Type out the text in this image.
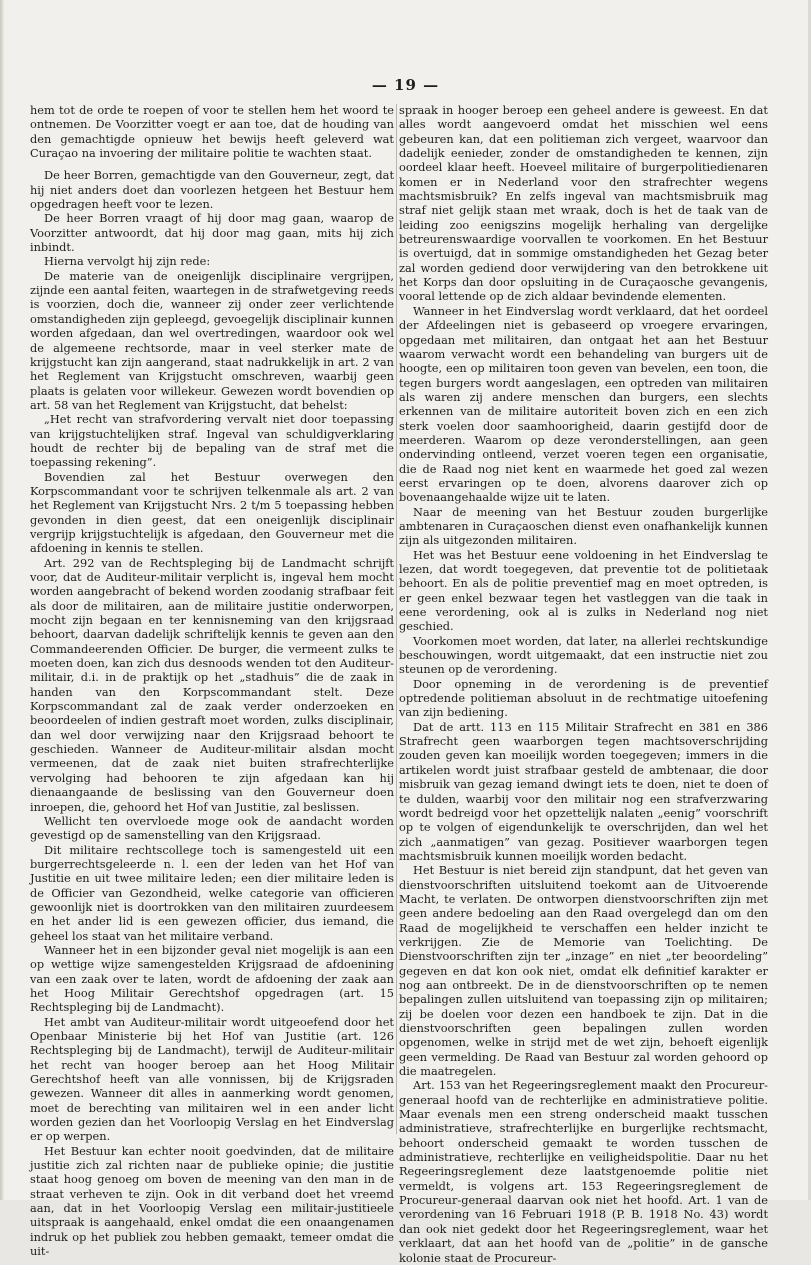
— 19 —

hem tot de orde te roepen of voor te stellen hem het woord te ontnemen. De Voorzitter voegt er aan toe, dat de houding van den gemachtigde opnieuw het bewijs heeft geleverd wat Curaçao na invoering der militaire politie te wachten staat.

De heer Borren, gemachtigde van den Gouverneur, zegt, dat hij niet anders doet dan voorlezen hetgeen het Bestuur hem opgedragen heeft voor te lezen.

De heer Borren vraagt of hij door mag gaan, waarop de Voorzitter antwoordt, dat hij door mag gaan, mits hij zich inbindt.

Hierna vervolgt hij zijn rede:

De materie van de oneigenlijk disciplinaire vergrijpen, zijnde een aantal feiten, waartegen in de strafwetgeving reeds is voorzien, doch die, wanneer zij onder zeer verlichtende omstandigheden zijn gepleegd, gevoegelijk disciplinair kunnen worden afgedaan, dan wel overtredingen, waardoor ook wel de algemeene rechtsorde, maar in veel sterker mate de krijgstucht kan zijn aangerand, staat nadrukkelijk in art. 2 van het Reglement van Krijgstucht omschreven, waarbij geen plaats is gelaten voor willekeur. Gewezen wordt bovendien op art. 58 van het Reglement van Krijgstucht, dat behelst:

„Het recht van strafvordering vervalt niet door toepassing van krijgstuchtelijken straf. Ingeval van schuldigverklaring houdt de rechter bij de bepaling van de straf met die toepassing rekening”.

Bovendien zal het Bestuur overwegen den Korpscommandant voor te schrijven telkenmale als art. 2 van het Reglement van Krijgstucht Nrs. 2 t/m 5 toepassing hebben gevonden in dien geest, dat een oneigenlijk disciplinair vergrijp krijgstuchtelijk is afgedaan, den Gouverneur met die afdoening in kennis te stellen.

Art. 292 van de Rechtspleging bij de Landmacht schrijft voor, dat de Auditeur-militair verplicht is, ingeval hem mocht worden aangebracht of bekend worden zoodanig strafbaar feit als door de militairen, aan de militaire justitie onderworpen, mocht zijn begaan en ter kennisneming van den krijgsraad behoort, daarvan dadelijk schriftelijk kennis te geven aan den Commandeerenden Officier. De burger, die vermeent zulks te moeten doen, kan zich dus desnoods wenden tot den Auditeur-militair, d.i. in de praktijk op het „stadhuis” die de zaak in handen van den Korpscommandant stelt. Deze Korpscommandant zal de zaak verder onderzoeken en beoordeelen of indien gestraft moet worden, zulks disciplinair, dan wel door verwijzing naar den Krijgsraad behoort te geschieden. Wanneer de Auditeur-militair alsdan mocht vermeenen, dat de zaak niet buiten strafrechterlijke vervolging had behooren te zijn afgedaan kan hij dienaangaande de beslissing van den Gouverneur doen inroepen, die, gehoord het Hof van Justitie, zal beslissen.

Wellicht ten overvloede moge ook de aandacht worden gevestigd op de samenstelling van den Krijgsraad.

Dit militaire rechtscollege toch is samengesteld uit een burgerrechtsgeleerde n. l. een der leden van het Hof van Justitie en uit twee militaire leden; een dier militaire leden is de Officier van Gezondheid, welke categorie van officieren gewoonlijk niet is doortrokken van den militairen zuurdeesem en het ander lid is een gewezen officier, dus iemand, die geheel los staat van het militaire verband.

Wanneer het in een bijzonder geval niet mogelijk is aan een op wettige wijze samengestelden Krijgsraad de afdoenining van een zaak over te laten, wordt de afdoening der zaak aan het Hoog Militair Gerechtshof opgedragen (art. 15 Rechtspleging bij de Landmacht).

Het ambt van Auditeur-militair wordt uitgeoefend door het Openbaar Ministerie bij het Hof van Justitie (art. 126 Rechtspleging bij de Landmacht), terwijl de Auditeur-militair het recht van hooger beroep aan het Hoog Militair Gerechtshof heeft van alle vonnissen, bij de Krijgsraden gewezen. Wanneer dit alles in aanmerking wordt genomen, moet de berechting van militairen wel in een ander licht worden gezien dan het Voorloopig Verslag en het Eindverslag er op werpen.

Het Bestuur kan echter nooit goedvinden, dat de militaire justitie zich zal richten naar de publieke opinie; die justitie staat hoog genoeg om boven de meening van den man in de straat verheven te zijn. Ook in dit verband doet het vreemd aan, dat in het Voorloopig Verslag een militair-justitieele uitspraak is aangehaald, enkel omdat die een onaangenamen indruk op het publiek zou hebben gemaakt, temeer omdat die uit-

spraak in hooger beroep een geheel andere is geweest. En dat alles wordt aangevoerd omdat het misschien wel eens gebeuren kan, dat een politieman zich vergeet, waarvoor dan dadelijk eenieder, zonder de omstandigheden te kennen, zijn oordeel klaar heeft. Hoeveel militaire of burgerpolitiedienaren komen er in Nederland voor den strafrechter wegens machtsmisbruik? En zelfs ingeval van machtsmisbruik mag straf niet gelijk staan met wraak, doch is het de taak van de leiding zoo eenigszins mogelijk herhaling van dergelijke betreurenswaardige voorvallen te voorkomen. En het Bestuur is overtuigd, dat in sommige omstandigheden het Gezag beter zal worden gediend door verwijdering van den betrokkene uit het Korps dan door opsluiting in de Curaçaosche gevangenis, vooral lettende op de zich aldaar bevindende elementen.

Wanneer in het Eindverslag wordt verklaard, dat het oordeel der Afdeelingen niet is gebaseerd op vroegere ervaringen, opgedaan met militairen, dan ontgaat het aan het Bestuur waarom verwacht wordt een behandeling van burgers uit de hoogte, een op militairen toon geven van bevelen, een toon, die tegen burgers wordt aangeslagen, een optreden van militairen als waren zij andere menschen dan burgers, een slechts erkennen van de militaire autoriteit boven zich en een zich sterk voelen door saamhoorigheid, daarin gestijfd door de meerderen. Waarom op deze veronderstellingen, aan geen ondervinding ontleend, verzet voeren tegen een organisatie, die de Raad nog niet kent en waarmede het goed zal wezen eerst ervaringen op te doen, alvorens daarover zich op bovenaangehaalde wijze uit te laten.

Naar de meening van het Bestuur zouden burgerlijke ambtenaren in Curaçaoschen dienst even onafhankelijk kunnen zijn als uitgezonden militairen.

Het was het Bestuur eene voldoening in het Eindverslag te lezen, dat wordt toegegeven, dat preventie tot de politietaak behoort. En als de politie preventief mag en moet optreden, is er geen enkel bezwaar tegen het vastleggen van die taak in eene verordening, ook al is zulks in Nederland nog niet geschied.

Voorkomen moet worden, dat later, na allerlei rechtskundige beschouwingen, wordt uitgemaakt, dat een instructie niet zou steunen op de verordening.

Door opneming in de verordening is de preventief optredende politieman absoluut in de rechtmatige uitoefening van zijn bediening.

Dat de artt. 113 en 115 Militair Strafrecht en 381 en 386 Strafrecht geen waarborgen tegen machtsoverschrijding zouden geven kan moeilijk worden toegegeven; immers in die artikelen wordt juist strafbaar gesteld de ambtenaar, die door misbruik van gezag iemand dwingt iets te doen, niet te doen of te dulden, waarbij voor den militair nog een strafverzwaring wordt bedreigd voor het opzettelijk nalaten „eenig” voorschrift op te volgen of eigendunkelijk te overschrijden, dan wel het zich „aanmatigen” van gezag. Positiever waarborgen tegen machtsmisbruik kunnen moeilijk worden bedacht.

Het Bestuur is niet bereid zijn standpunt, dat het geven van dienstvoorschriften uitsluitend toekomt aan de Uitvoerende Macht, te verlaten. De ontworpen dienstvoorschriften zijn met geen andere bedoeling aan den Raad overgelegd dan om den Raad de mogelijkheid te verschaffen een helder inzicht te verkrijgen. Zie de Memorie van Toelichting. De Dienstvoorschriften zijn ter „inzage” en niet „ter beoordeling” gegeven en dat kon ook niet, omdat elk definitief karakter er nog aan ontbreekt. De in de dienstvoorschriften op te nemen bepalingen zullen uitsluitend van toepassing zijn op militairen; zij be doelen voor dezen een handboek te zijn. Dat in die dienstvoorschriften geen bepalingen zullen worden opgenomen, welke in strijd met de wet zijn, behoeft eigenlijk geen vermelding. De Raad van Bestuur zal worden gehoord op die maatregelen.

Art. 153 van het Regeeringsreglement maakt den Procureur-generaal hoofd van de rechterlijke en administratieve politie. Maar evenals men een streng onderscheid maakt tusschen administratieve, strafrechterlijke en burgerlijke rechtsmacht, behoort onderscheid gemaakt te worden tusschen de administratieve, rechterlijke en veiligheidspolitie. Daar nu het Regeeringsreglement deze laatstgenoemde politie niet vermeldt, is volgens art. 153 Regeeringsreglement de Procureur-generaal daarvan ook niet het hoofd. Art. 1 van de verordening van 16 Februari 1918 (P. B. 1918 No. 43) wordt dan ook niet gedekt door het Regeeringsreglement, waar het verklaart, dat aan het hoofd van de „politie” in de gansche kolonie staat de Procureur-
